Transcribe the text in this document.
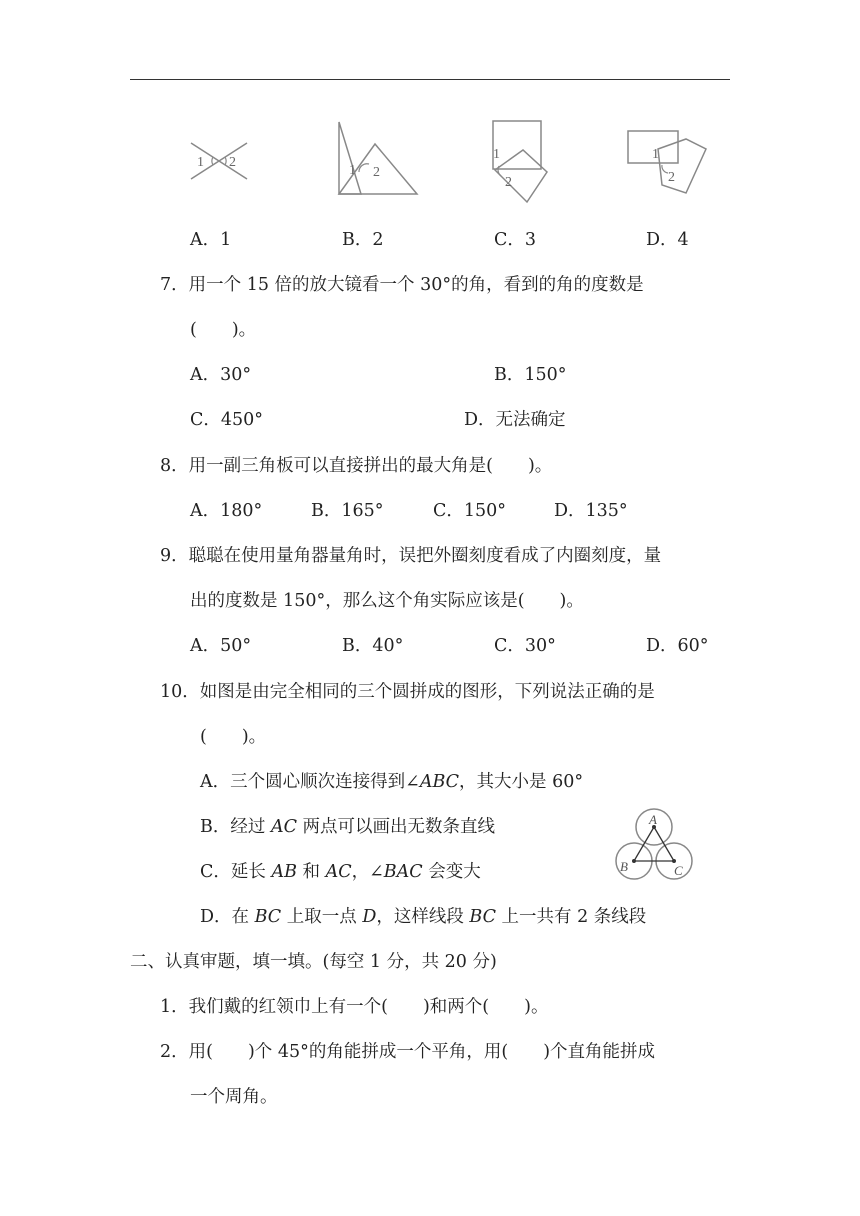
1 2
1 2
1
2
1
2
A．1	B．2	C．3	D．4
7．用一个 15 倍的放大镜看一个 30°的角，看到的角的度数是
(　　)。
A．30°	B．150°
C．450°	D．无法确定
8．用一副三角板可以直接拼出的最大角是(　　)。
A．180°	B．165°	C．150°	D．135°
9．聪聪在使用量角器量角时，误把外圈刻度看成了内圈刻度，量
出的度数是 150°，那么这个角实际应该是(　　)。
A．50°	B．40°	C．30°	D．60°
10．如图是由完全相同的三个圆拼成的图形，下列说法正确的是
(　　)。
A．三个圆心顺次连接得到∠ABC，其大小是 60°
B．经过 AC 两点可以画出无数条直线
C．延长 AB 和 AC，∠BAC 会变大
D．在 BC 上取一点 D，这样线段 BC 上一共有 2 条线段
A
B	C
二、认真审题，填一填。(每空 1 分，共 20 分)
1．我们戴的红领巾上有一个(　　)和两个(　　)。
2．用(　　)个 45°的角能拼成一个平角，用(　　)个直角能拼成
一个周角。
